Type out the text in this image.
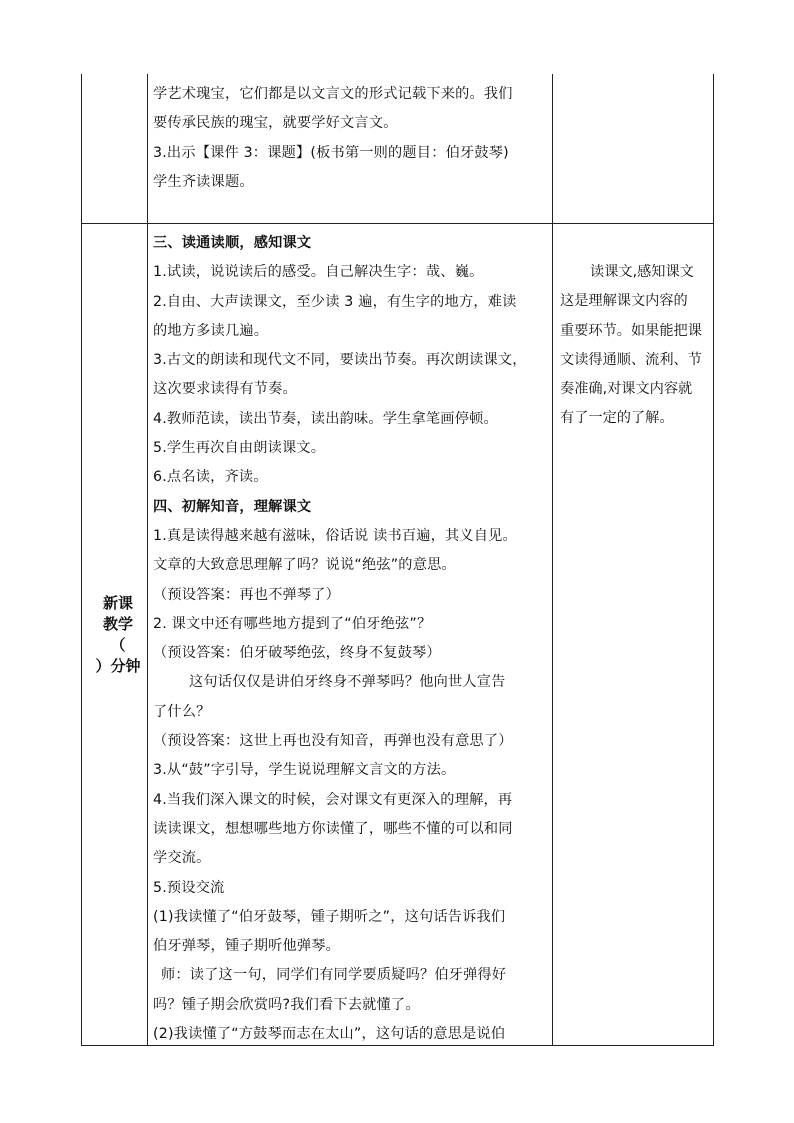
学艺术瑰宝，它们都是以文言文的形式记载下来的。我们

要传承民族的瑰宝，就要学好文言文。

3.出示【课件 3：课题】(板书第一则的题目：伯牙鼓琴)

学生齐读课题。

新课
教学
（
）分钟

三、读通读顺，感知课文

1.试读，说说读后的感受。自己解决生字：哉、巍。

2.自由、大声读课文，至少读 3 遍，有生字的地方，难读

的地方多读几遍。

3.古文的朗读和现代文不同，要读出节奏。再次朗读课文，

这次要求读得有节奏。

4.教师范读，读出节奏，读出韵味。学生拿笔画停顿。

5.学生再次自由朗读课文。

6.点名读，齐读。

四、初解知音，理解课文

1.真是读得越来越有滋味，俗话说 读书百遍，其义自见。

文章的大致意思理解了吗？说说“绝弦”的意思。

（预设答案：再也不弹琴了）

2. 课文中还有哪些地方提到了“伯牙绝弦”？

（预设答案：伯牙破琴绝弦，终身不复鼓琴）

这句话仅仅是讲伯牙终身不弹琴吗？他向世人宣告

了什么？

（预设答案：这世上再也没有知音，再弹也没有意思了）

3.从“鼓”字引导，学生说说理解文言文的方法。

4.当我们深入课文的时候，会对课文有更深入的理解，再

读读课文，想想哪些地方你读懂了，哪些不懂的可以和同

学交流。

5.预设交流

(1)我读懂了“伯牙鼓琴，锺子期听之”，这句话告诉我们

伯牙弹琴，锺子期听他弹琴。

师：读了这一句，同学们有同学要质疑吗？伯牙弹得好

吗？锺子期会欣赏吗?我们看下去就懂了。

(2)我读懂了“方鼓琴而志在太山”，这句话的意思是说伯

读课文,感知课文

这是理解课文内容的

重要环节。如果能把课

文读得通顺、流利、节

奏准确,对课文内容就

有了一定的了解。
